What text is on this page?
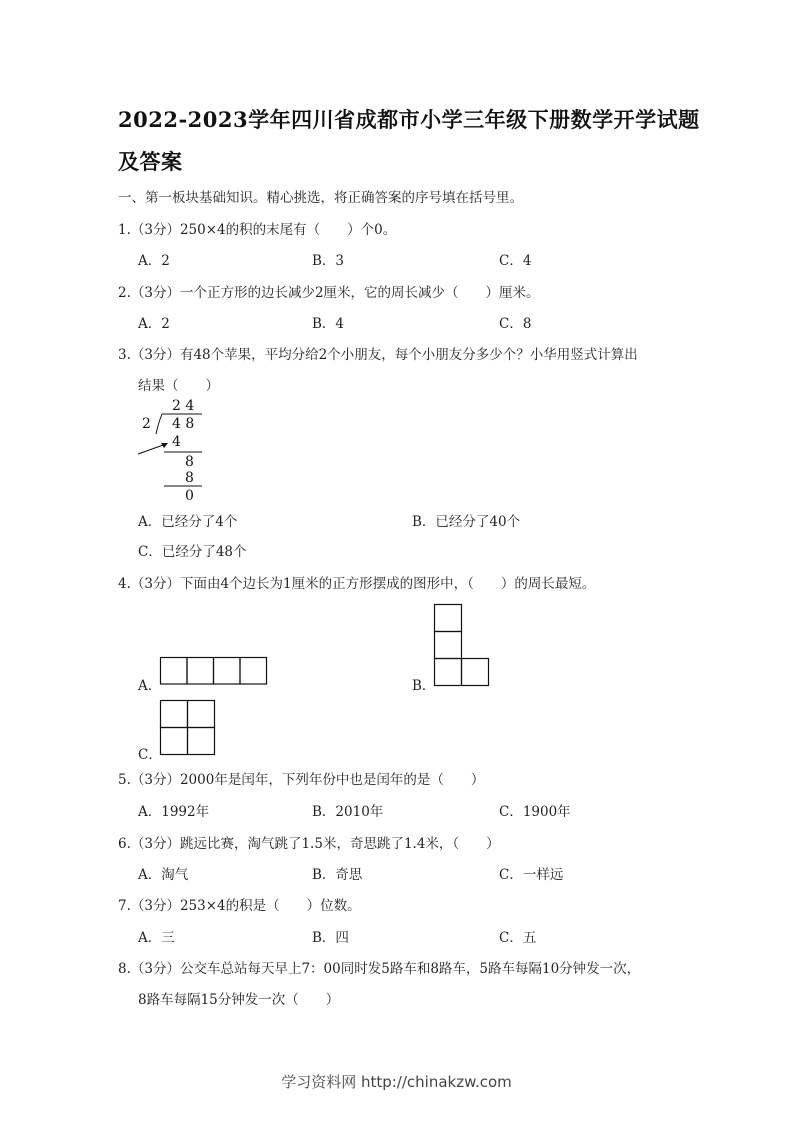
2022-2023学年四川省成都市小学三年级下册数学开学试题
及答案
一、第一板块基础知识。精心挑选，将正确答案的序号填在括号里。
1.（3分）250×4的积的末尾有（　　）个0。
A．2	B．3	C．4
2.（3分）一个正方形的边长减少2厘米，它的周长减少（　　）厘米。
A．2	B．4	C．8
3.（3分）有48个苹果，平均分给2个小朋友，每个小朋友分多少个？小华用竖式计算出
结果（　　）
2 4
2 4 8
4
8
8
0
A．已经分了4个	B．已经分了40个
C．已经分了48个
4.（3分）下面由4个边长为1厘米的正方形摆成的图形中，（　　）的周长最短。
A．	B．
C．
5.（3分）2000年是闰年，下列年份中也是闰年的是（　　）
A．1992年	B．2010年	C．1900年
6.（3分）跳远比赛，淘气跳了1.5米，奇思跳了1.4米，（　　）
A．淘气	B．奇思	C．一样远
7.（3分）253×4的积是（　　）位数。
A．三	B．四	C．五
8.（3分）公交车总站每天早上7：00同时发5路车和8路车，5路车每隔10分钟发一次，
8路车每隔15分钟发一次（　　）
学习资料网 http://chinakzw.com
